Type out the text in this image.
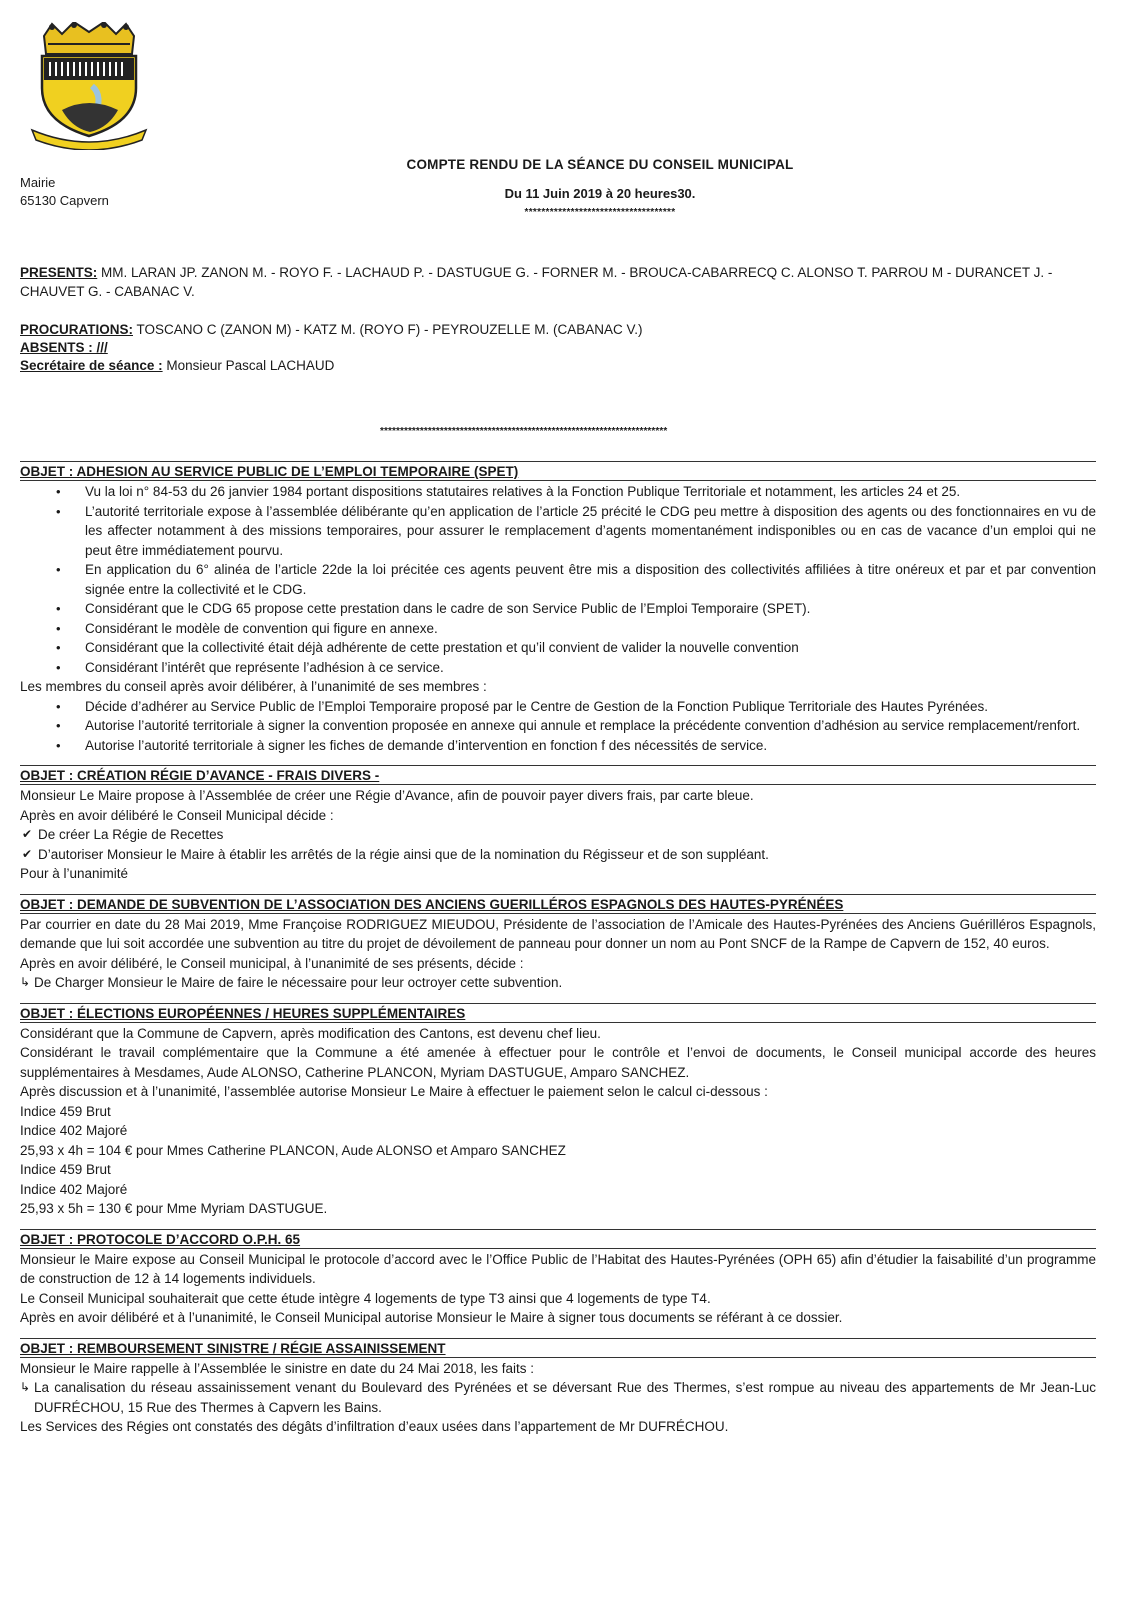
Mairie
65130 Capvern
COMPTE RENDU DE LA SÉANCE DU CONSEIL MUNICIPAL
Du 11 Juin 2019 à 20 heures30.
************************************
PRESENTS: MM. LARAN JP. ZANON M. - ROYO F. - LACHAUD P. - DASTUGUE G. - FORNER M. - BROUCA-CABARRECQ C. ALONSO T. PARROU M - DURANCET J. - CHAUVET G. - CABANAC V.
PROCURATIONS: TOSCANO C (ZANON M) - KATZ M. (ROYO F) - PEYROUZELLE M. (CABANAC V.)
ABSENTS : ///
Secrétaire de séance : Monsieur Pascal LACHAUD
************************************************************************
OBJET : ADHESION AU SERVICE PUBLIC DE L’EMPLOI TEMPORAIRE (SPET)
• Vu la loi n° 84-53 du 26 janvier 1984 portant dispositions statutaires relatives à la Fonction Publique Territoriale et notamment, les articles 24 et 25.
• L’autorité territoriale expose à l’assemblée délibérante qu’en application de l’article 25 précité le CDG peu mettre à disposition des agents ou des fonctionnaires en vu de les affecter notamment à des missions temporaires, pour assurer le remplacement d’agents momentanément indisponibles ou en cas de vacance d’un emploi qui ne peut être immédiatement pourvu.
• En application du 6° alinéa de l’article 22de la loi précitée ces agents peuvent être mis a disposition des collectivités affiliées à titre onéreux et par et par convention signée entre la collectivité et le CDG.
• Considérant que le CDG 65 propose cette prestation dans le cadre de son Service Public de l’Emploi Temporaire (SPET).
• Considérant le modèle de convention qui figure en annexe.
• Considérant que la collectivité était déjà adhérente de cette prestation et qu’il convient de valider la nouvelle convention
• Considérant l’intérêt que représente l’adhésion à ce service.
Les membres du conseil après avoir délibérer, à l’unanimité de ses membres :
• Décide d’adhérer au Service Public de l’Emploi Temporaire proposé par le Centre de Gestion de la Fonction Publique Territoriale des Hautes Pyrénées.
• Autorise l’autorité territoriale à signer la convention proposée en annexe qui annule et remplace la précédente convention d’adhésion au service remplacement/renfort.
• Autorise l’autorité territoriale à signer les fiches de demande d’intervention en fonction f des nécessités de service.
OBJET : CRÉATION RÉGIE D’AVANCE - FRAIS DIVERS -
Monsieur Le Maire propose à l’Assemblée de créer une Régie d’Avance, afin de pouvoir payer divers frais, par carte bleue.
Après en avoir délibéré le Conseil Municipal décide :
✔ De créer La Régie de Recettes
✔ D’autoriser Monsieur le Maire à établir les arrêtés de la régie ainsi que de la nomination du Régisseur et de son suppléant.
Pour à l’unanimité
OBJET : DEMANDE DE SUBVENTION DE L’ASSOCIATION DES ANCIENS GUERILLÉROS ESPAGNOLS DES HAUTES-PYRÉNÉES
Par courrier en date du 28 Mai 2019, Mme Françoise RODRIGUEZ MIEUDOU, Présidente de l’association de l’Amicale des Hautes-Pyrénées des Anciens Guérilléros Espagnols, demande que lui soit accordée une subvention au titre du projet de dévoilement de panneau pour donner un nom au Pont SNCF de la Rampe de Capvern de 152, 40 euros.
Après en avoir délibéré, le Conseil municipal, à l’unanimité de ses présents, décide :
↳ De Charger Monsieur le Maire de faire le nécessaire pour leur octroyer cette subvention.
OBJET : ÉLECTIONS EUROPÉENNES / HEURES SUPPLÉMENTAIRES
Considérant que la Commune de Capvern, après modification des Cantons, est devenu chef lieu.
Considérant le travail complémentaire que la Commune a été amenée à effectuer pour le contrôle et l’envoi de documents, le Conseil municipal accorde des heures supplémentaires à Mesdames, Aude ALONSO, Catherine PLANCON, Myriam DASTUGUE, Amparo SANCHEZ.
Après discussion et à l’unanimité, l’assemblée autorise Monsieur Le Maire à effectuer le paiement selon le calcul ci-dessous :
Indice 459 Brut
Indice 402 Majoré
25,93 x 4h = 104 € pour Mmes Catherine PLANCON, Aude ALONSO et Amparo SANCHEZ
Indice 459 Brut
Indice 402 Majoré
25,93 x 5h = 130 € pour Mme Myriam DASTUGUE.
OBJET : PROTOCOLE D’ACCORD O.P.H. 65
Monsieur le Maire expose au Conseil Municipal le protocole d’accord avec le l’Office Public de l’Habitat des Hautes-Pyrénées (OPH 65) afin d’étudier la faisabilité d’un programme de construction de 12 à 14 logements individuels.
Le Conseil Municipal souhaiterait que cette étude intègre 4 logements de type T3 ainsi que 4 logements de type T4.
Après en avoir délibéré et à l’unanimité, le Conseil Municipal autorise Monsieur le Maire à signer tous documents se référant à ce dossier.
OBJET : REMBOURSEMENT SINISTRE / RÉGIE ASSAINISSEMENT
Monsieur le Maire rappelle à l’Assemblée le sinistre en date du 24 Mai 2018, les faits :
↳ La canalisation du réseau assainissement venant du Boulevard des Pyrénées et se déversant Rue des Thermes, s’est rompue au niveau des appartements de Mr Jean-Luc DUFRÉCHOU, 15 Rue des Thermes à Capvern les Bains.
Les Services des Régies ont constatés des dégâts d’infiltration d’eaux usées dans l’appartement de Mr DUFRÉCHOU.
